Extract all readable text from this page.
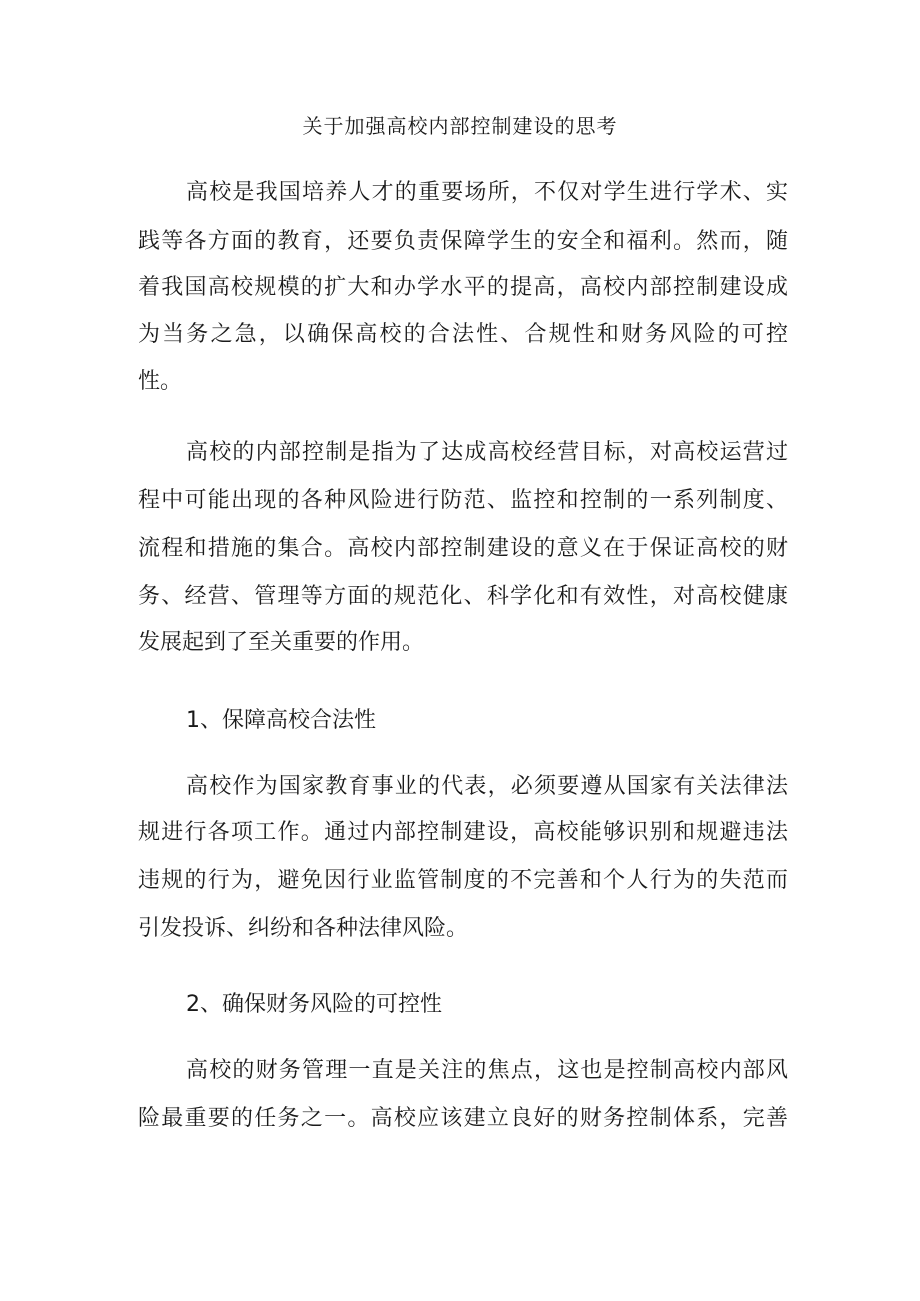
关于加强高校内部控制建设的思考

高校是我国培养人才的重要场所，不仅对学生进行学术、实

践等各方面的教育，还要负责保障学生的安全和福利。然而，随

着我国高校规模的扩大和办学水平的提高，高校内部控制建设成

为当务之急，以确保高校的合法性、合规性和财务风险的可控

性。

高校的内部控制是指为了达成高校经营目标，对高校运营过

程中可能出现的各种风险进行防范、监控和控制的一系列制度、

流程和措施的集合。高校内部控制建设的意义在于保证高校的财

务、经营、管理等方面的规范化、科学化和有效性，对高校健康

发展起到了至关重要的作用。

1、保障高校合法性

高校作为国家教育事业的代表，必须要遵从国家有关法律法

规进行各项工作。通过内部控制建设，高校能够识别和规避违法

违规的行为，避免因行业监管制度的不完善和个人行为的失范而

引发投诉、纠纷和各种法律风险。

2、确保财务风险的可控性

高校的财务管理一直是关注的焦点，这也是控制高校内部风

险最重要的任务之一。高校应该建立良好的财务控制体系，完善
